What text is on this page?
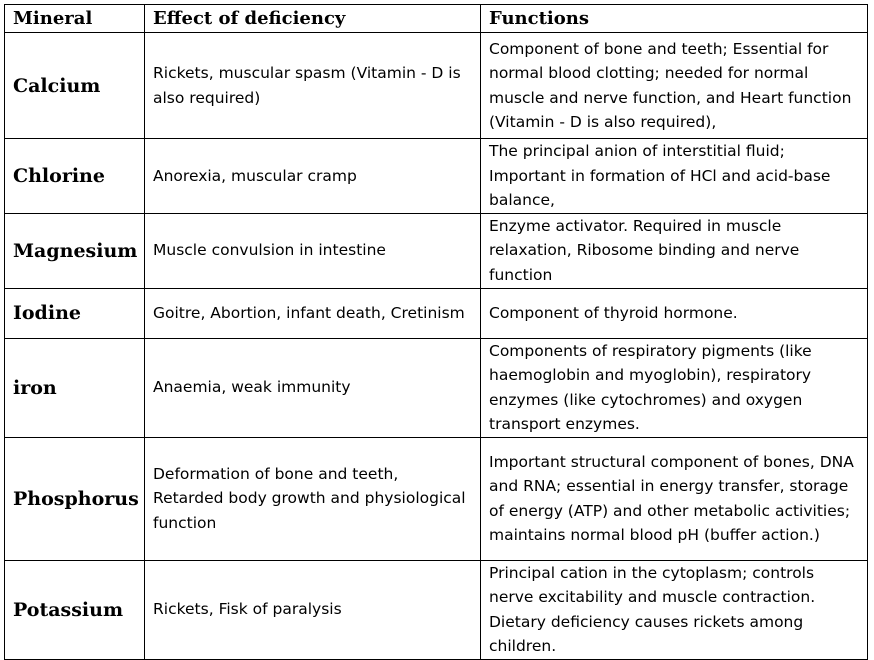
Mineral	Effect of deficiency	Functions
Calcium	Rickets, muscular spasm (Vitamin - D is also required)	Component of bone and teeth; Essential for normal blood clotting; needed for normal muscle and nerve function, and Heart function (Vitamin - D is also required),
Chlorine	Anorexia, muscular cramp	The principal anion of interstitial fluid; Important in formation of HCl and acid-base balance,
Magnesium	Muscle convulsion in intestine	Enzyme activator. Required in muscle relaxation, Ribosome binding and nerve function
Iodine	Goitre, Abortion, infant death, Cretinism	Component of thyroid hormone.
iron	Anaemia, weak immunity	Components of respiratory pigments (like haemoglobin and myoglobin), respiratory enzymes (like cytochromes) and oxygen transport enzymes.
Phosphorus	Deformation of bone and teeth, Retarded body growth and physiological function	Important structural component of bones, DNA and RNA; essential in energy transfer, storage of energy (ATP) and other metabolic activities; maintains normal blood pH (buffer action.)
Potassium	Rickets, Fisk of paralysis	Principal cation in the cytoplasm; controls nerve excitability and muscle contraction. Dietary deficiency causes rickets among children.
